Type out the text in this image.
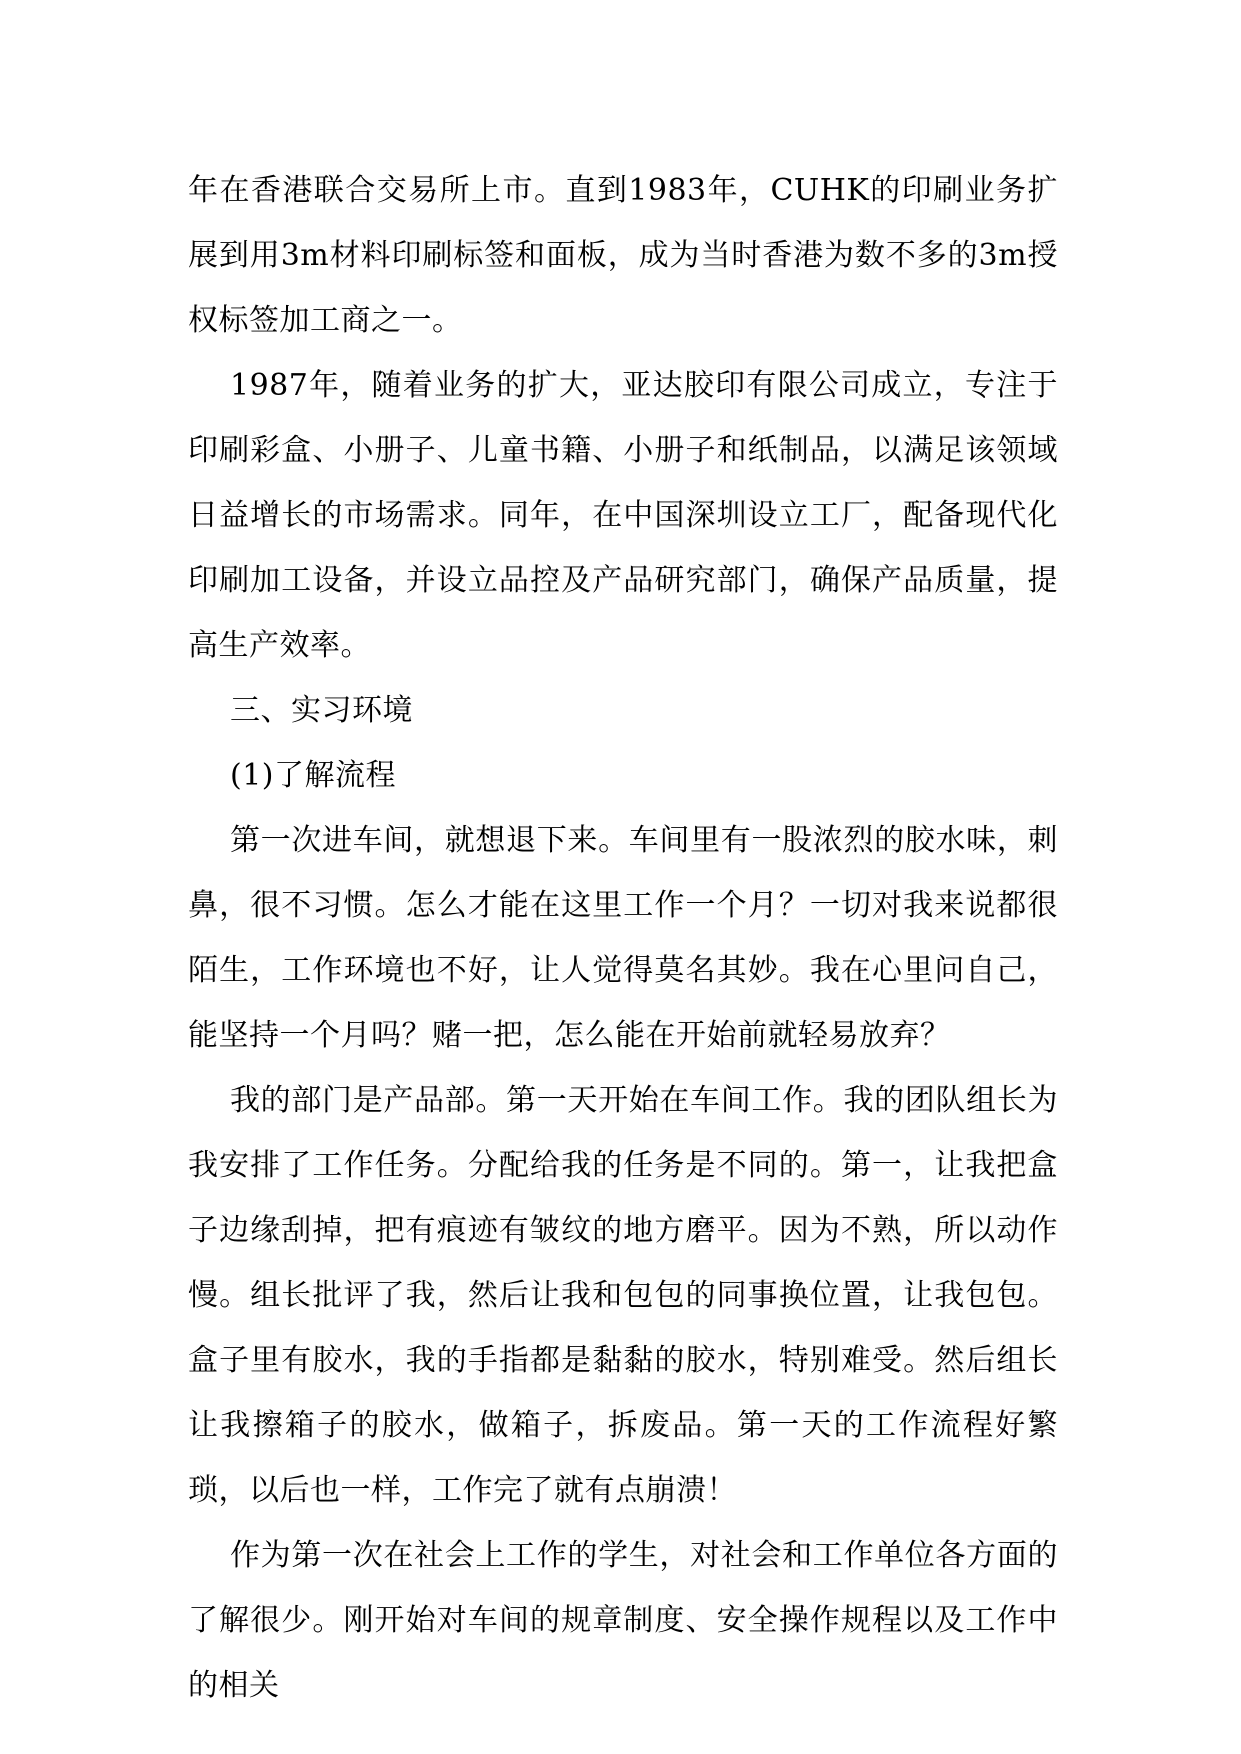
年在香港联合交易所上市。直到1983年，CUHK的印刷业务扩展到用3m材料印刷标签和面板，成为当时香港为数不多的3m授权标签加工商之一。

1987年，随着业务的扩大，亚达胶印有限公司成立，专注于印刷彩盒、小册子、儿童书籍、小册子和纸制品，以满足该领域日益增长的市场需求。同年，在中国深圳设立工厂，配备现代化印刷加工设备，并设立品控及产品研究部门，确保产品质量，提高生产效率。

三、实习环境

(1)了解流程

第一次进车间，就想退下来。车间里有一股浓烈的胶水味，刺鼻，很不习惯。怎么才能在这里工作一个月？一切对我来说都很陌生，工作环境也不好，让人觉得莫名其妙。我在心里问自己，能坚持一个月吗？赌一把，怎么能在开始前就轻易放弃？

我的部门是产品部。第一天开始在车间工作。我的团队组长为我安排了工作任务。分配给我的任务是不同的。第一，让我把盒子边缘刮掉，把有痕迹有皱纹的地方磨平。因为不熟，所以动作慢。组长批评了我，然后让我和包包的同事换位置，让我包包。盒子里有胶水，我的手指都是黏黏的胶水，特别难受。然后组长让我擦箱子的胶水，做箱子，拆废品。第一天的工作流程好繁琐，以后也一样，工作完了就有点崩溃！

作为第一次在社会上工作的学生，对社会和工作单位各方面的了解很少。刚开始对车间的规章制度、安全操作规程以及工作中的相关
